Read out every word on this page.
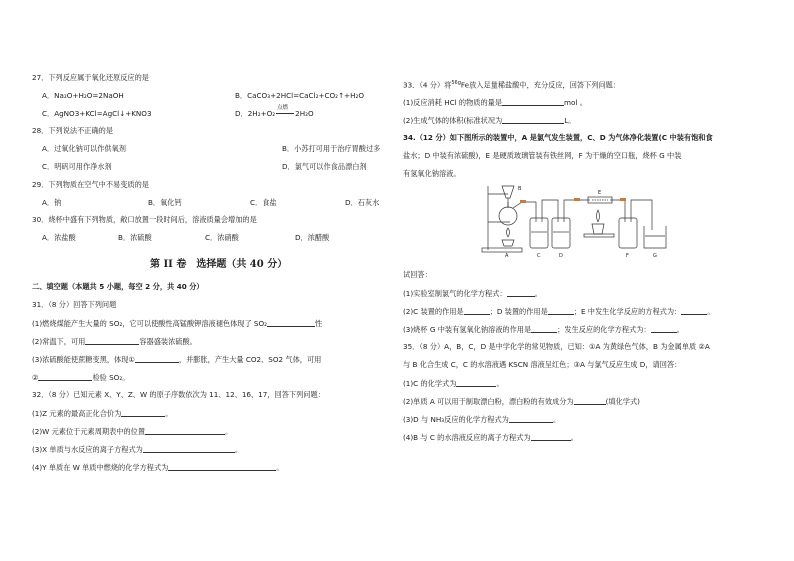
27．下列反应属于氧化还原反应的是
A．Na₂O+H₂O=2NaOH	B．CaCO₃+2HCl=CaCl₂+CO₂↑+H₂O
C．AgNO3+KCl=AgCl↓+KNO3	D．2H₂+O₂
点燃
2H₂O
28．下列说法不正确的是
A．过氧化钠可以作供氧剂	B．小苏打可用于治疗胃酸过多
C．明矾可用作净水剂	D．氯气可以作食品漂白剂
29．下列物质在空气中不易变质的是
A．钠	B．氧化钙	C．食盐	D．石灰水
30．烧杯中盛有下列物质，敞口放置一段时间后，溶液质量会增加的是
A．浓盐酸	B．浓硫酸	C．浓硝酸	D．浓醋酸
第 II 卷　选择题（共 40 分）
二、填空题（本题共 5 小题，每空 2 分，共 40 分）
31．（8 分）回答下列问题
(1)燃烧煤能产生大量的 SO₂，它可以使酸性高锰酸钾溶液褪色体现了 SO₂	性
(2)常温下，可用	容器盛装浓硫酸。
(3)浓硫酸能使蔗糖变黑，体现①	，并膨胀，产生大量 CO2、SO2 气体，可用
②	检验 SO₂。
32．（8 分）已知元素 X、Y、Z、W 的原子序数依次为 11、12、16、17，回答下列问题：
(1)Z 元素的最高正化合价为	。
(2)W 元素位于元素周期表中的位置	。
(3)X 单质与水反应的离子方程式为	。
(4)Y 单质在 W 单质中燃烧的化学方程式为	。
33．（4 分）将$^{56g}$Fe放入足量稀盐酸中，充分反应，回答下列问题：
(1)反应消耗 HCl 的物质的量是	mol 。
(2)生成气体的体积(标准状况为	L。
34.（12 分）如下图所示的装置中，A 是氯气发生装置，C、D 为气体净化装置(C 中装有饱和食
盐水；D 中装有浓硫酸)，E 是硬质玻璃管装有铁丝网，F 为干燥的空口瓶，烧杯 G 中装
有氢氧化钠溶液。
A
B
C	D
E
F	G
试回答：
(1)实验室制氯气的化学方程式：	。
(2)C 装置的作用是	；D 装置的作用是	；E 中发生化学反应的方程式为：	。
(3)烧杯 G 中装有氢氧化钠溶液的作用是	；发生反应的化学方程式为：	。
35．（8 分）A，B，C，D 是中学化学的常见物质，已知：①A 为黄绿色气体，B 为金属单质 ②A
与 B 化合生成 C，C 的水溶液遇 KSCN 溶液呈红色；③A 与氯气反应生成 D，请回答：
(1)C 的化学式为	。
(2)单质 A 可以用于制取漂白粉，漂白粉的有效成分为	(填化学式)
(3)D 与 NH₃反应的化学方程式为	。
(4)B 与 C 的水溶液反应的离子方程式为	。
